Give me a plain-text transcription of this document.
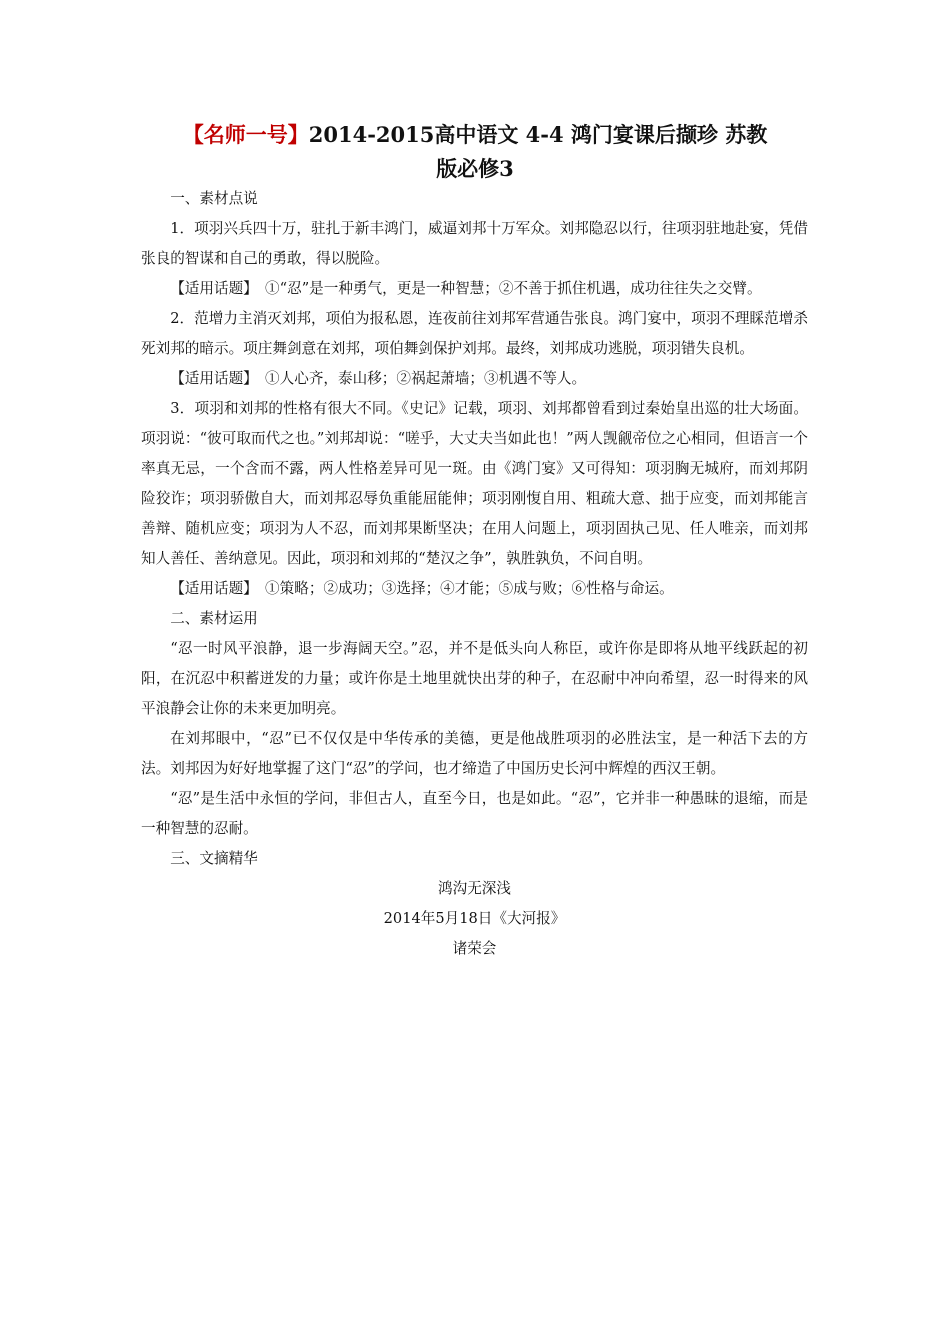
【名师一号】2014-2015高中语文 4-4 鸿门宴课后撷珍 苏教
版必修3

一、素材点说

1．项羽兴兵四十万，驻扎于新丰鸿门，威逼刘邦十万军众。刘邦隐忍以行，往项羽驻地赴宴，凭借张良的智谋和自己的勇敢，得以脱险。

【适用话题】　①“忍”是一种勇气，更是一种智慧；②不善于抓住机遇，成功往往失之交臂。

2．范增力主消灭刘邦，项伯为报私恩，连夜前往刘邦军营通告张良。鸿门宴中，项羽不理睬范增杀死刘邦的暗示。项庄舞剑意在刘邦，项伯舞剑保护刘邦。最终，刘邦成功逃脱，项羽错失良机。

【适用话题】　①人心齐，泰山移；②祸起萧墙；③机遇不等人。

3．项羽和刘邦的性格有很大不同。《史记》记载，项羽、刘邦都曾看到过秦始皇出巡的壮大场面。项羽说：“彼可取而代之也。”刘邦却说：“嗟乎，大丈夫当如此也！”两人觊觎帝位之心相同，但语言一个率真无忌，一个含而不露，两人性格差异可见一斑。由《鸿门宴》又可得知：项羽胸无城府，而刘邦阴险狡诈；项羽骄傲自大，而刘邦忍辱负重能屈能伸；项羽刚愎自用、粗疏大意、拙于应变，而刘邦能言善辩、随机应变；项羽为人不忍，而刘邦果断坚决；在用人问题上，项羽固执己见、任人唯亲，而刘邦知人善任、善纳意见。因此，项羽和刘邦的“楚汉之争”，孰胜孰负，不问自明。

【适用话题】　①策略；②成功；③选择；④才能；⑤成与败；⑥性格与命运。

二、素材运用

“忍一时风平浪静，退一步海阔天空。”忍，并不是低头向人称臣，或许你是即将从地平线跃起的初阳，在沉忍中积蓄迸发的力量；或许你是土地里就快出芽的种子，在忍耐中冲向希望，忍一时得来的风平浪静会让你的未来更加明亮。

在刘邦眼中，“忍”已不仅仅是中华传承的美德，更是他战胜项羽的必胜法宝，是一种活下去的方法。刘邦因为好好地掌握了这门“忍”的学问，也才缔造了中国历史长河中辉煌的西汉王朝。

“忍”是生活中永恒的学问，非但古人，直至今日，也是如此。“忍”，它并非一种愚昧的退缩，而是一种智慧的忍耐。

三、文摘精华

鸿沟无深浅

2014年5月18日《大河报》

诸荣会
